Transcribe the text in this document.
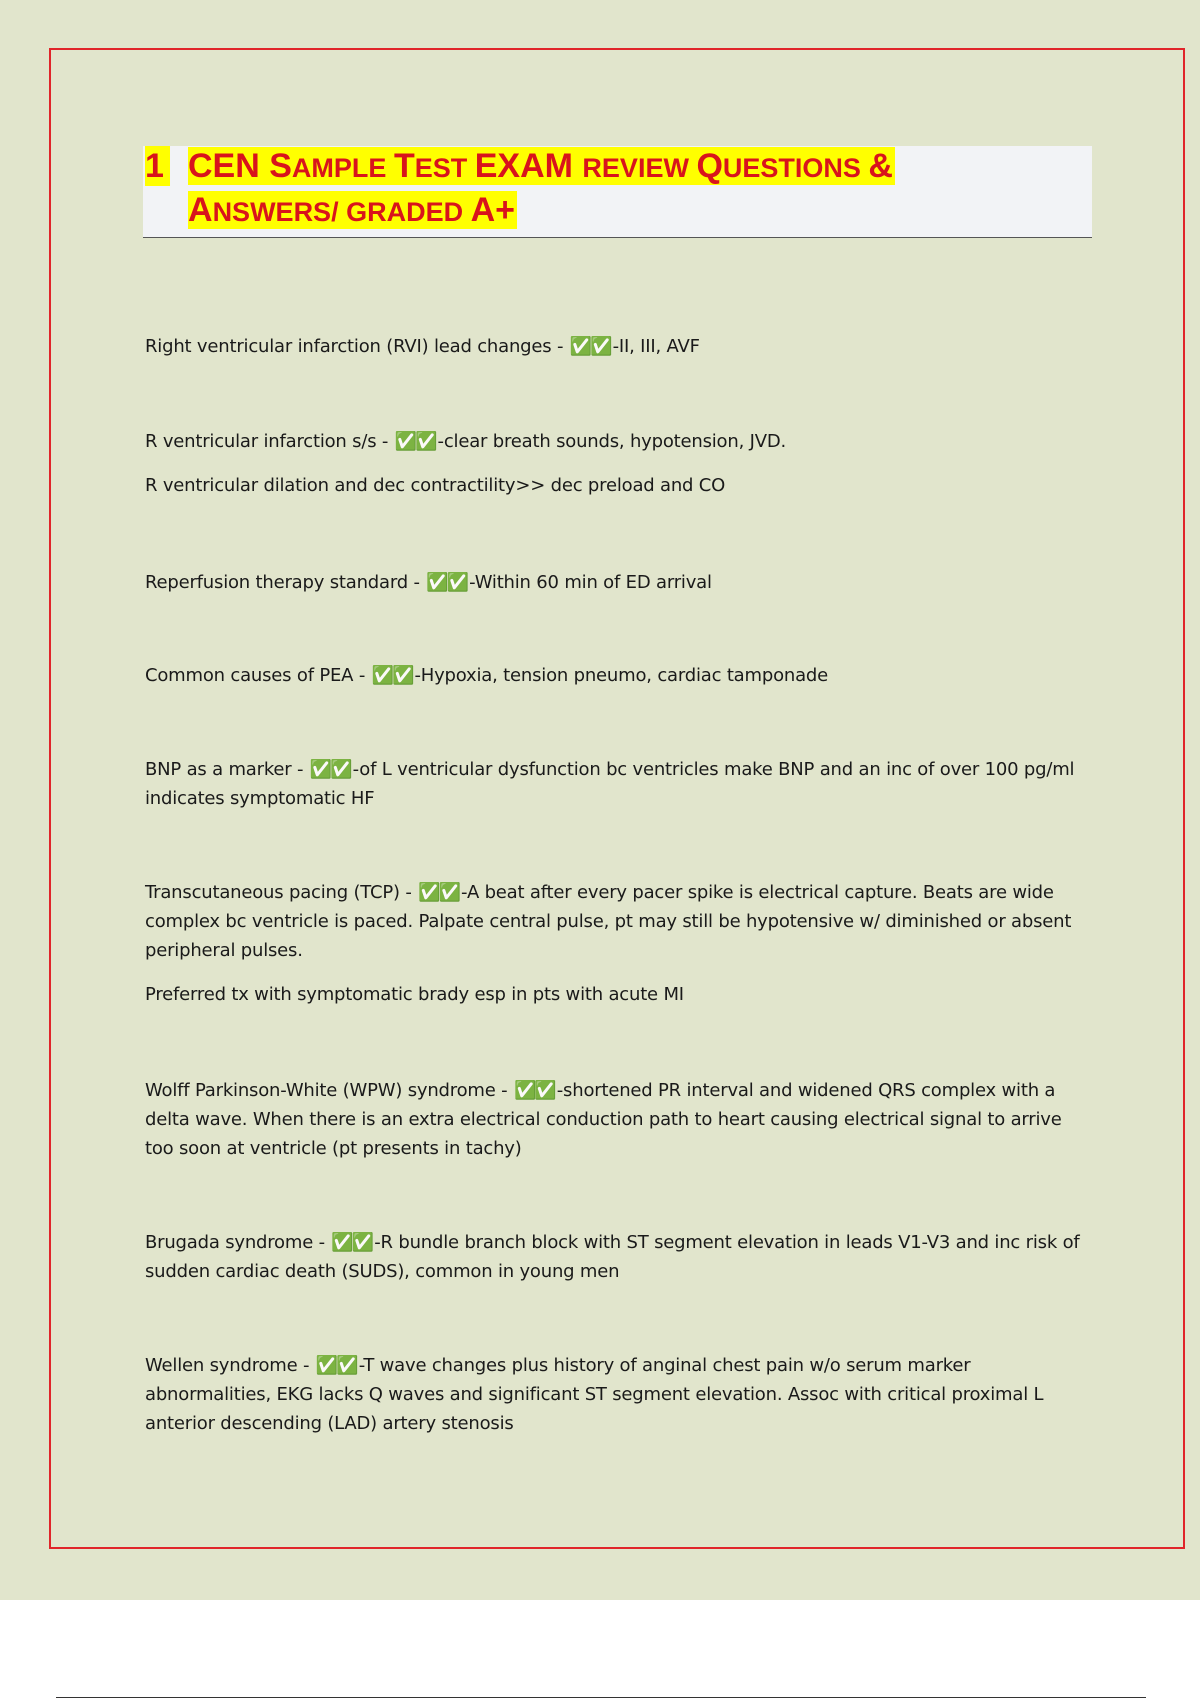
1 CEN SAMPLE TEST EXAM REVIEW QUESTIONS &
ANSWERS/ GRADED A+

Right ventricular infarction (RVI) lead changes - ✅✅ -II, III, AVF

R ventricular infarction s/s - ✅✅ -clear breath sounds, hypotension, JVD.

R ventricular dilation and dec contractility>> dec preload and CO

Reperfusion therapy standard - ✅✅ -Within 60 min of ED arrival

Common causes of PEA - ✅✅ -Hypoxia, tension pneumo, cardiac tamponade

BNP as a marker - ✅✅ -of L ventricular dysfunction bc ventricles make BNP and an inc of over 100 pg/ml indicates symptomatic HF

Transcutaneous pacing (TCP) - ✅✅ -A beat after every pacer spike is electrical capture. Beats are wide complex bc ventricle is paced. Palpate central pulse, pt may still be hypotensive w/ diminished or absent peripheral pulses.

Preferred tx with symptomatic brady esp in pts with acute MI

Wolff Parkinson-White (WPW) syndrome - ✅✅ -shortened PR interval and widened QRS complex with a delta wave. When there is an extra electrical conduction path to heart causing electrical signal to arrive too soon at ventricle (pt presents in tachy)

Brugada syndrome - ✅✅ -R bundle branch block with ST segment elevation in leads V1-V3 and inc risk of sudden cardiac death (SUDS), common in young men

Wellen syndrome - ✅✅ -T wave changes plus history of anginal chest pain w/o serum marker abnormalities, EKG lacks Q waves and significant ST segment elevation. Assoc with critical proximal L anterior descending (LAD) artery stenosis
